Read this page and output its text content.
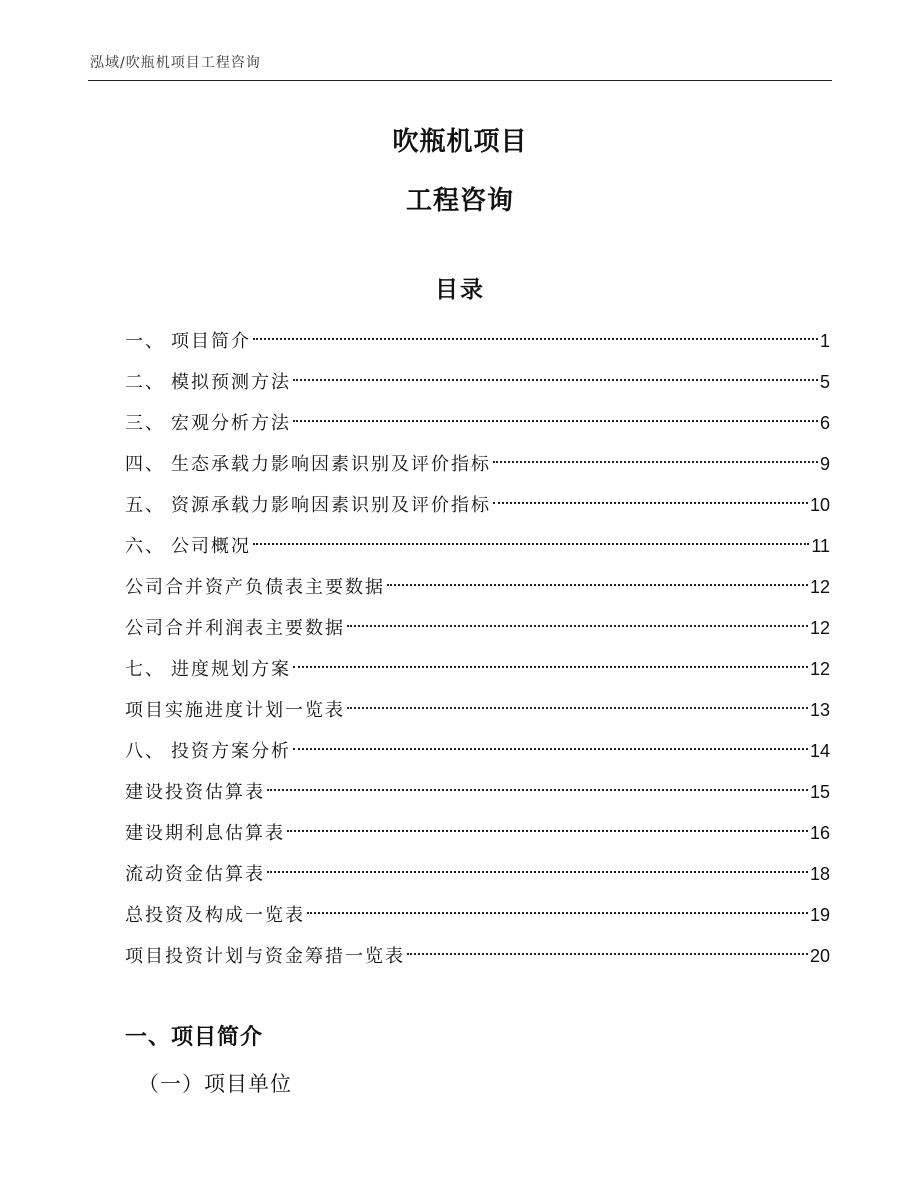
泓域/吹瓶机项目工程咨询
吹瓶机项目
工程咨询
目录
一、 项目简介	1
二、 模拟预测方法	5
三、 宏观分析方法	6
四、 生态承载力影响因素识别及评价指标	9
五、 资源承载力影响因素识别及评价指标	10
六、 公司概况	11
公司合并资产负债表主要数据	12
公司合并利润表主要数据	12
七、 进度规划方案	12
项目实施进度计划一览表	13
八、 投资方案分析	14
建设投资估算表	15
建设期利息估算表	16
流动资金估算表	18
总投资及构成一览表	19
项目投资计划与资金筹措一览表	20
一、项目简介
（一）项目单位
